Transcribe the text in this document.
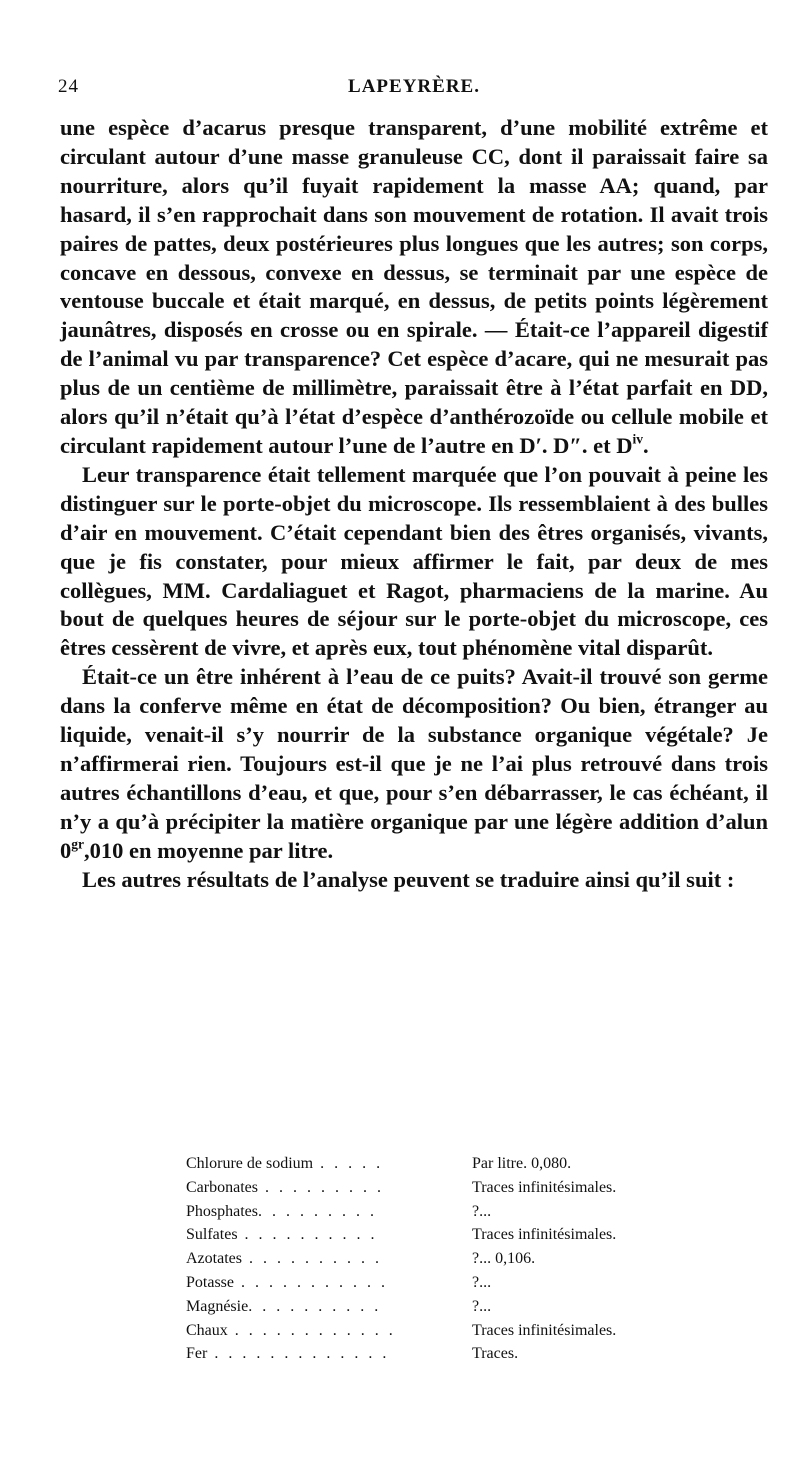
24	LAPEYRÈRE.

une espèce d’acarus presque transparent, d’une mobilité extrême et circulant autour d’une masse granuleuse CC, dont il paraissait faire sa nourriture, alors qu’il fuyait rapidement la masse AA; quand, par hasard, il s’en rapprochait dans son mouvement de rotation. Il avait trois paires de pattes, deux postérieures plus longues que les autres; son corps, concave en dessous, convexe en dessus, se terminait par une espèce de ventouse buccale et était marqué, en dessus, de petits points légèrement jaunâtres, disposés en crosse ou en spirale. — Était-ce l’appareil digestif de l’animal vu par transparence? Cet espèce d’acare, qui ne mesurait pas plus de un centième de millimètre, paraissait être à l’état parfait en DD, alors qu’il n’était qu’à l’état d’espèce d’anthérozoïde ou cellule mobile et circulant rapidement autour l’une de l’autre en D′. D″. et $D^{iv}$.

Leur transparence était tellement marquée que l’on pouvait à peine les distinguer sur le porte-objet du microscope. Ils ressemblaient à des bulles d’air en mouvement. C’était cependant bien des êtres organisés, vivants, que je fis constater, pour mieux affirmer le fait, par deux de mes collègues, MM. Cardaliaguet et Ragot, pharmaciens de la marine. Au bout de quelques heures de séjour sur le porte-objet du microscope, ces êtres cessèrent de vivre, et après eux, tout phénomène vital disparût.

Était-ce un être inhérent à l’eau de ce puits? Avait-il trouvé son germe dans la conferve même en état de décomposition? Ou bien, étranger au liquide, venait-il s’y nourrir de la substance organique végétale? Je n’affirmerai rien. Toujours est-il que je ne l’ai plus retrouvé dans trois autres échantillons d’eau, et que, pour s’en débarrasser, le cas échéant, il n’y a qu’à précipiter la matière organique par une légère addition d’alun $0^{gr},010$ en moyenne par litre.

Les autres résultats de l’analyse peuvent se traduire ainsi qu’il suit :

Chlorure de sodium . . . . .	Par litre. 0,080.
Carbonates . . . . . . . . .	Traces infinitésimales.
Phosphates. . . . . . . . .	?...
Sulfates . . . . . . . . . .	Traces infinitésimales.
Azotates . . . . . . . . . .	?... 0,106.
Potasse . . . . . . . . . . .	?...
Magnésie. . . . . . . . . .	?...
Chaux . . . . . . . . . . . .	Traces infinitésimales.
Fer . . . . . . . . . . . . .	Traces.
